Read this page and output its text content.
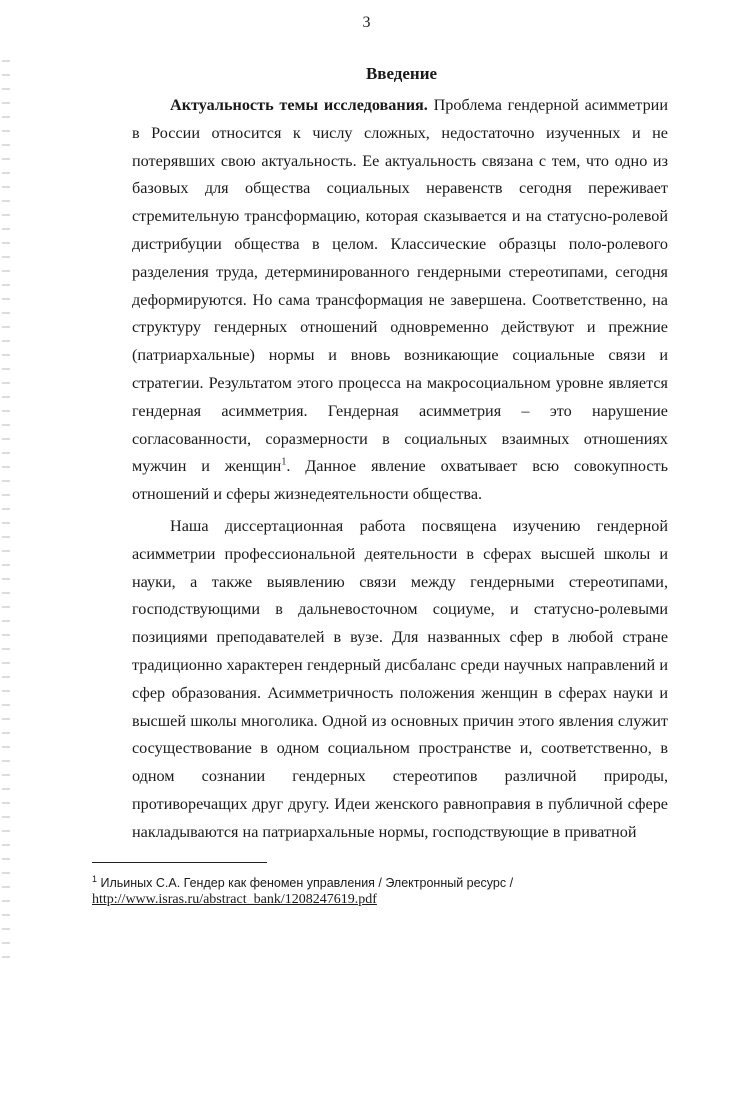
3
Введение

Актуальность темы исследования. Проблема гендерной асимметрии в России относится к числу сложных, недостаточно изученных и не потерявших свою актуальность. Ее актуальность связана с тем, что одно из базовых для общества социальных неравенств сегодня переживает стремительную трансформацию, которая сказывается и на статусно-ролевой дистрибуции общества в целом. Классические образцы поло-ролевого разделения труда, детерминированного гендерными стереотипами, сегодня деформируются. Но сама трансформация не завершена. Соответственно, на структуру гендерных отношений одновременно действуют и прежние (патриархальные) нормы и вновь возникающие социальные связи и стратегии. Результатом этого процесса на макросоциальном уровне является гендерная асимметрия. Гендерная асимметрия – это нарушение согласованности, соразмерности в социальных взаимных отношениях мужчин и женщин$^1$. Данное явление охватывает всю совокупность отношений и сферы жизнедеятельности общества.

Наша диссертационная работа посвящена изучению гендерной асимметрии профессиональной деятельности в сферах высшей школы и науки, а также выявлению связи между гендерными стереотипами, господствующими в дальневосточном социуме, и статусно-ролевыми позициями преподавателей в вузе. Для названных сфер в любой стране традиционно характерен гендерный дисбаланс среди научных направлений и сфер образования. Асимметричность положения женщин в сферах науки и высшей школы многолика. Одной из основных причин этого явления служит сосуществование в одном социальном пространстве и, соответственно, в одном сознании гендерных стереотипов различной природы, противоречащих друг другу. Идеи женского равноправия в публичной сфере накладываются на патриархальные нормы, господствующие в приватной

$^1$ Ильиных С.А. Гендер как феномен управления / Электронный ресурс /
http://www.isras.ru/abstract_bank/1208247619.pdf
